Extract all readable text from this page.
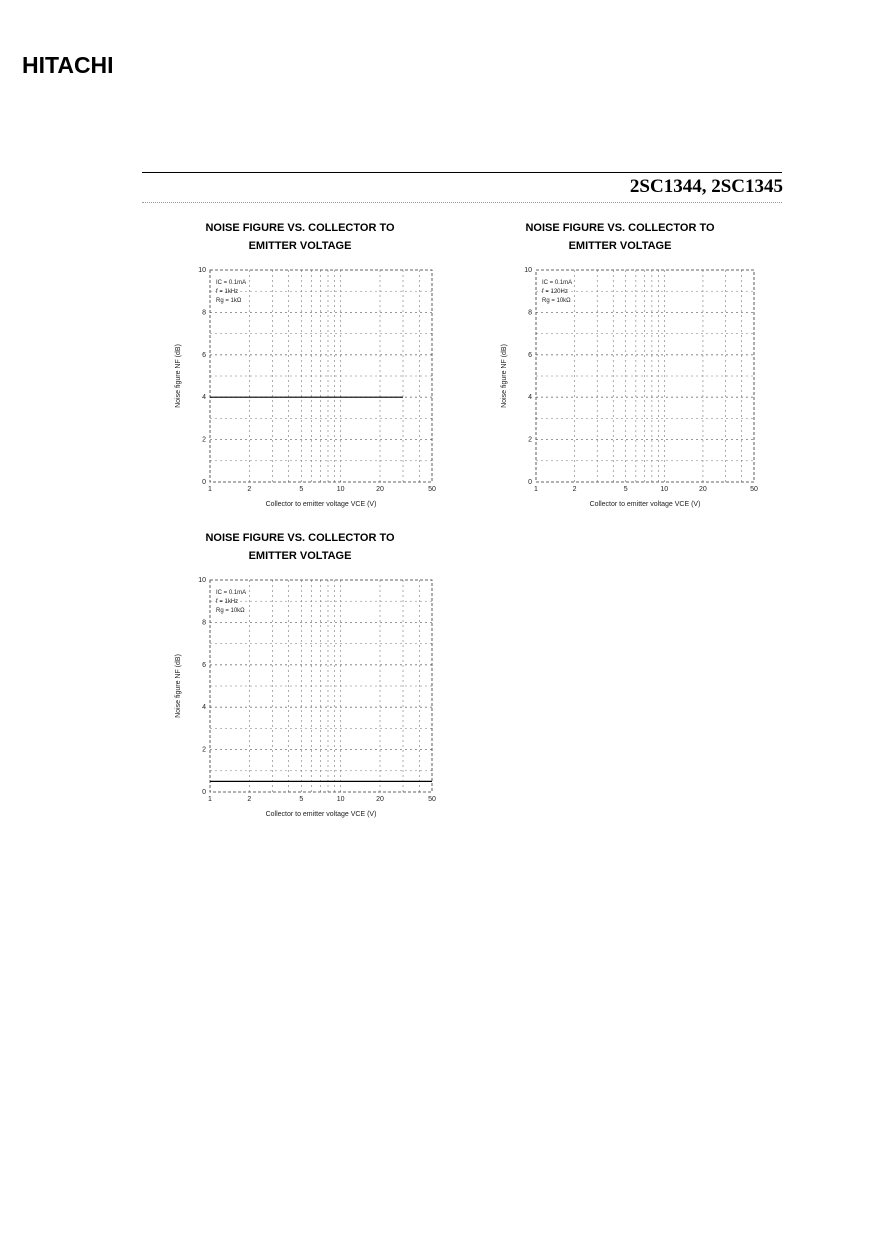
HITACHI
2SC1344, 2SC1345
NOISE FIGURE VS. COLLECTOR TO
EMITTER VOLTAGE
1	2	5	10	20	50
0
2
4
6
8
10
Collector to emitter voltage VCE (V)
Noise figure NF (dB)
IC = 0.1mA
f = 1kHz
Rg = 1kΩ
NOISE FIGURE VS. COLLECTOR TO
EMITTER VOLTAGE
1	2	5	10	20	50
0
2
4
6
8
10
Collector to emitter voltage VCE (V)
Noise figure NF (dB)
IC = 0.1mA
f = 120Hz
Rg = 10kΩ
NOISE FIGURE VS. COLLECTOR TO
EMITTER VOLTAGE
1	2	5	10	20	50
0
2
4
6
8
10
Collector to emitter voltage VCE (V)
Noise figure NF (dB)
IC = 0.1mA
f = 1kHz
Rg = 10kΩ
